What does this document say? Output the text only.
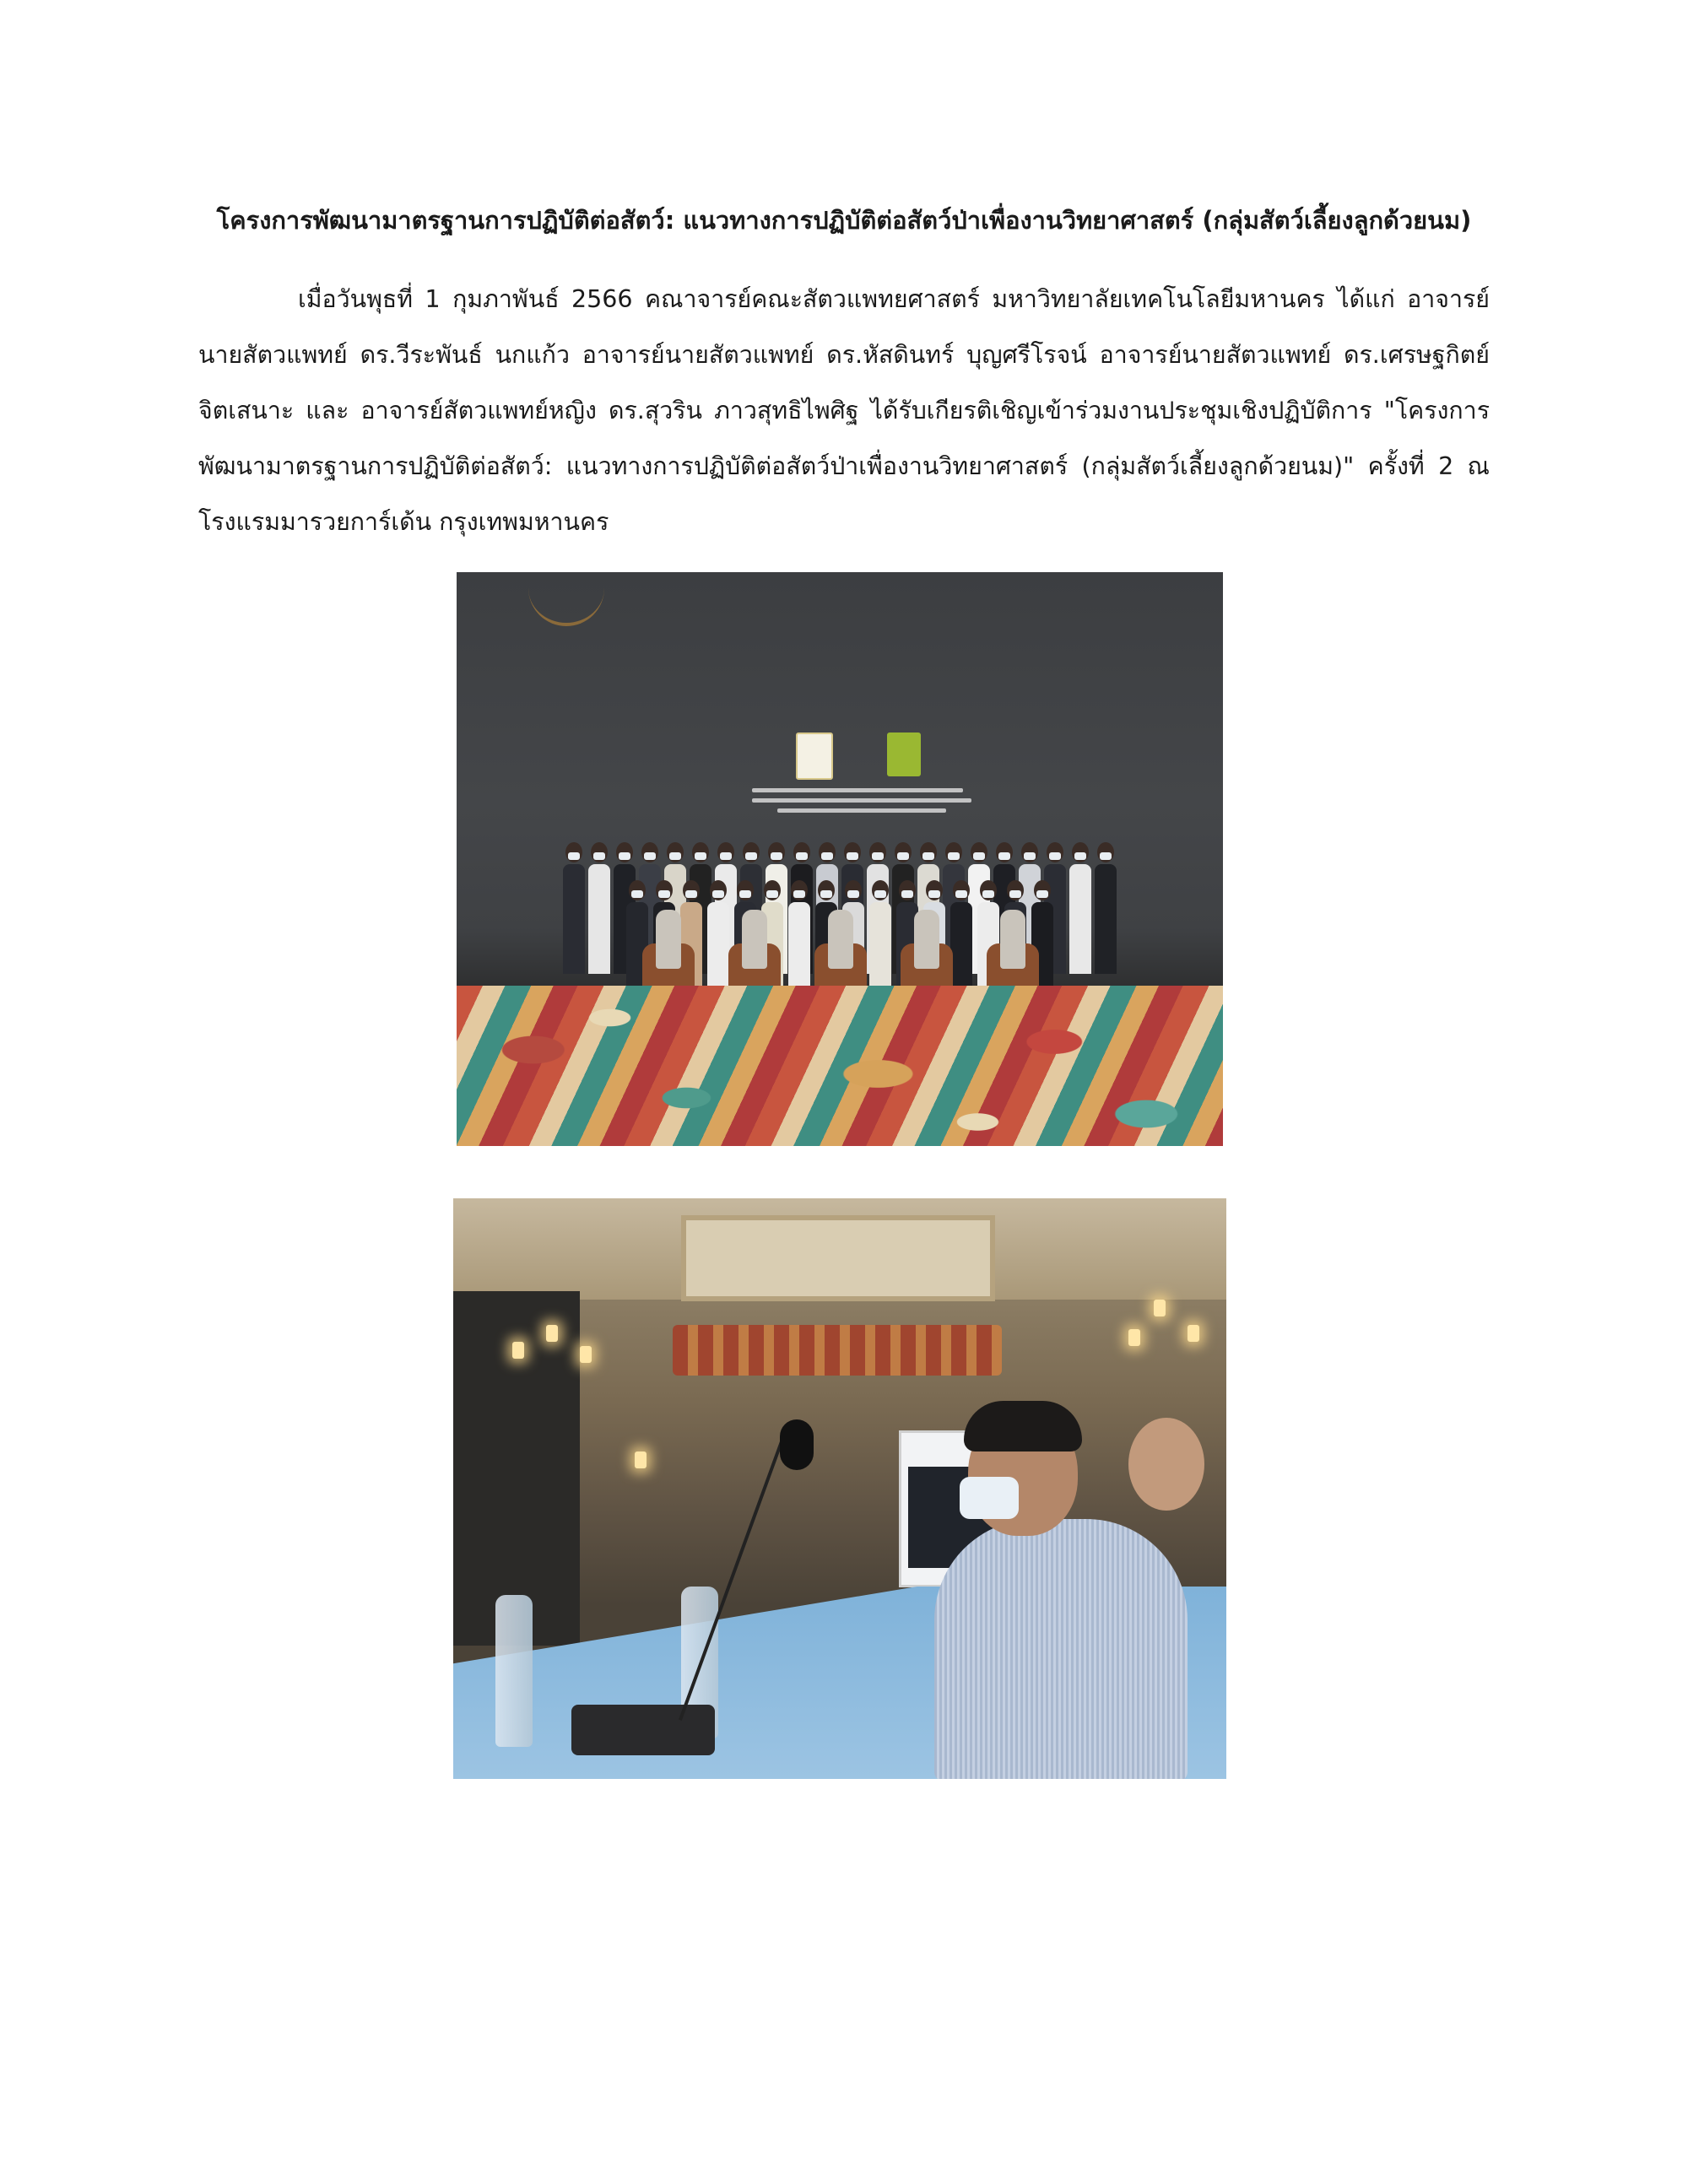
โครงการพัฒนามาตรฐานการปฏิบัติต่อสัตว์: แนวทางการปฏิบัติต่อสัตว์ป่าเพื่องานวิทยาศาสตร์ (กลุ่มสัตว์เลี้ยงลูกด้วยนม)

เมื่อวันพุธที่ 1 กุมภาพันธ์ 2566 คณาจารย์คณะสัตวแพทยศาสตร์ มหาวิทยาลัยเทคโนโลยีมหานคร ได้แก่ อาจารย์นายสัตวแพทย์ ดร.วีระพันธ์ นกแก้ว อาจารย์นายสัตวแพทย์ ดร.หัสดินทร์ บุญศรีโรจน์ อาจารย์นายสัตวแพทย์ ดร.เศรษฐกิตย์ จิตเสนาะ และ อาจารย์สัตวแพทย์หญิง ดร.สุวริน ภาวสุทธิไพศิฐ ได้รับเกียรติเชิญเข้าร่วมงานประชุมเชิงปฏิบัติการ "โครงการพัฒนามาตรฐานการปฏิบัติต่อสัตว์: แนวทางการปฏิบัติต่อสัตว์ป่าเพื่องานวิทยาศาสตร์ (กลุ่มสัตว์เลี้ยงลูกด้วยนม)" ครั้งที่ 2 ณ โรงแรมมารวยการ์เด้น กรุงเทพมหานคร
